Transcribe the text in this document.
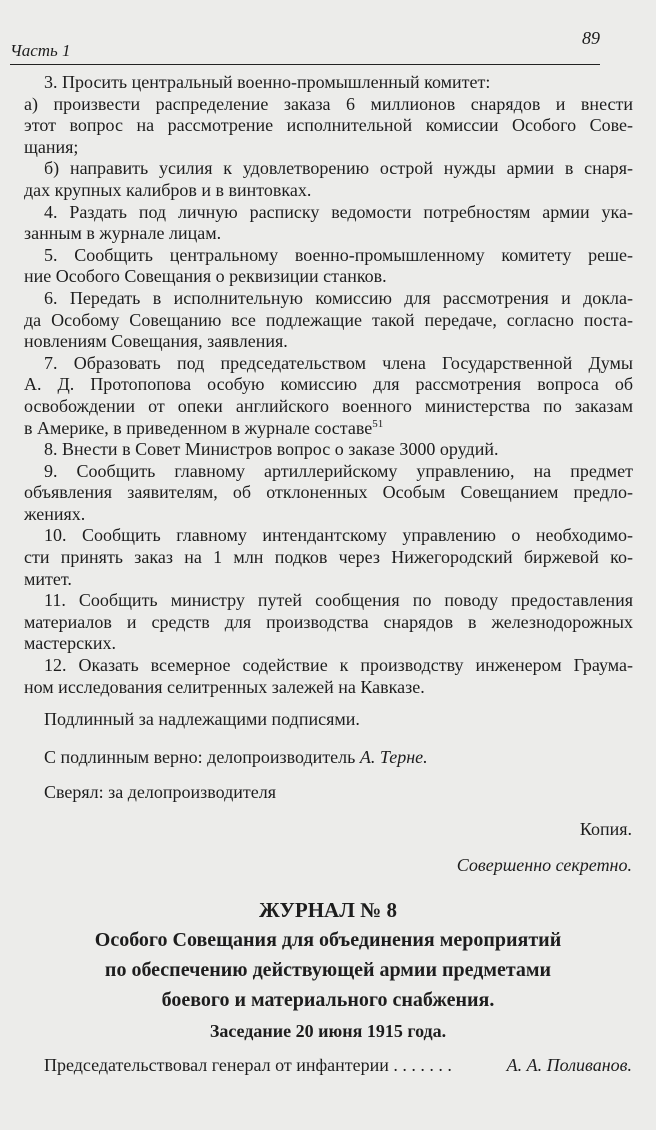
Часть 1
89
3. Просить центральный военно-промышленный комитет:
а) произвести распределение заказа 6 миллионов снарядов и внести
этот вопрос на рассмотрение исполнительной комиссии Особого Сове-
щания;
б) направить усилия к удовлетворению острой нужды армии в снаря-
дах крупных калибров и в винтовках.
4. Раздать под личную расписку ведомости потребностям армии ука-
занным в журнале лицам.
5. Сообщить центральному военно-промышленному комитету реше-
ние Особого Совещания о реквизиции станков.
6. Передать в исполнительную комиссию для рассмотрения и докла-
да Особому Совещанию все подлежащие такой передаче, согласно поста-
новлениям Совещания, заявления.
7. Образовать под председательством члена Государственной Думы
А. Д. Протопопова особую комиссию для рассмотрения вопроса об
освобождении от опеки английского военного министерства по заказам
в Америке, в приведенном в журнале составе$^{51}$
8. Внести в Совет Министров вопрос о заказе 3000 орудий.
9. Сообщить главному артиллерийскому управлению, на предмет
объявления заявителям, об отклоненных Особым Совещанием предло-
жениях.
10. Сообщить главному интендантскому управлению о необходимо-
сти принять заказ на 1 млн подков через Нижегородский биржевой ко-
митет.
11. Сообщить министру путей сообщения по поводу предоставления
материалов и средств для производства снарядов в железнодорожных
мастерских.
12. Оказать всемерное содействие к производству инженером Граума-
ном исследования селитренных залежей на Кавказе.
Подлинный за надлежащими подписями.
С подлинным верно: делопроизводитель А. Терне.
Сверял: за делопроизводителя
Копия.
Совершенно секретно.
ЖУРНАЛ № 8
Особого Совещания для объединения мероприятий
по обеспечению действующей армии предметами
боевого и материального снабжения.
Заседание 20 июня 1915 года.
Председательствовал генерал от инфантерии . . . . . . .	А. А. Поливанов.
